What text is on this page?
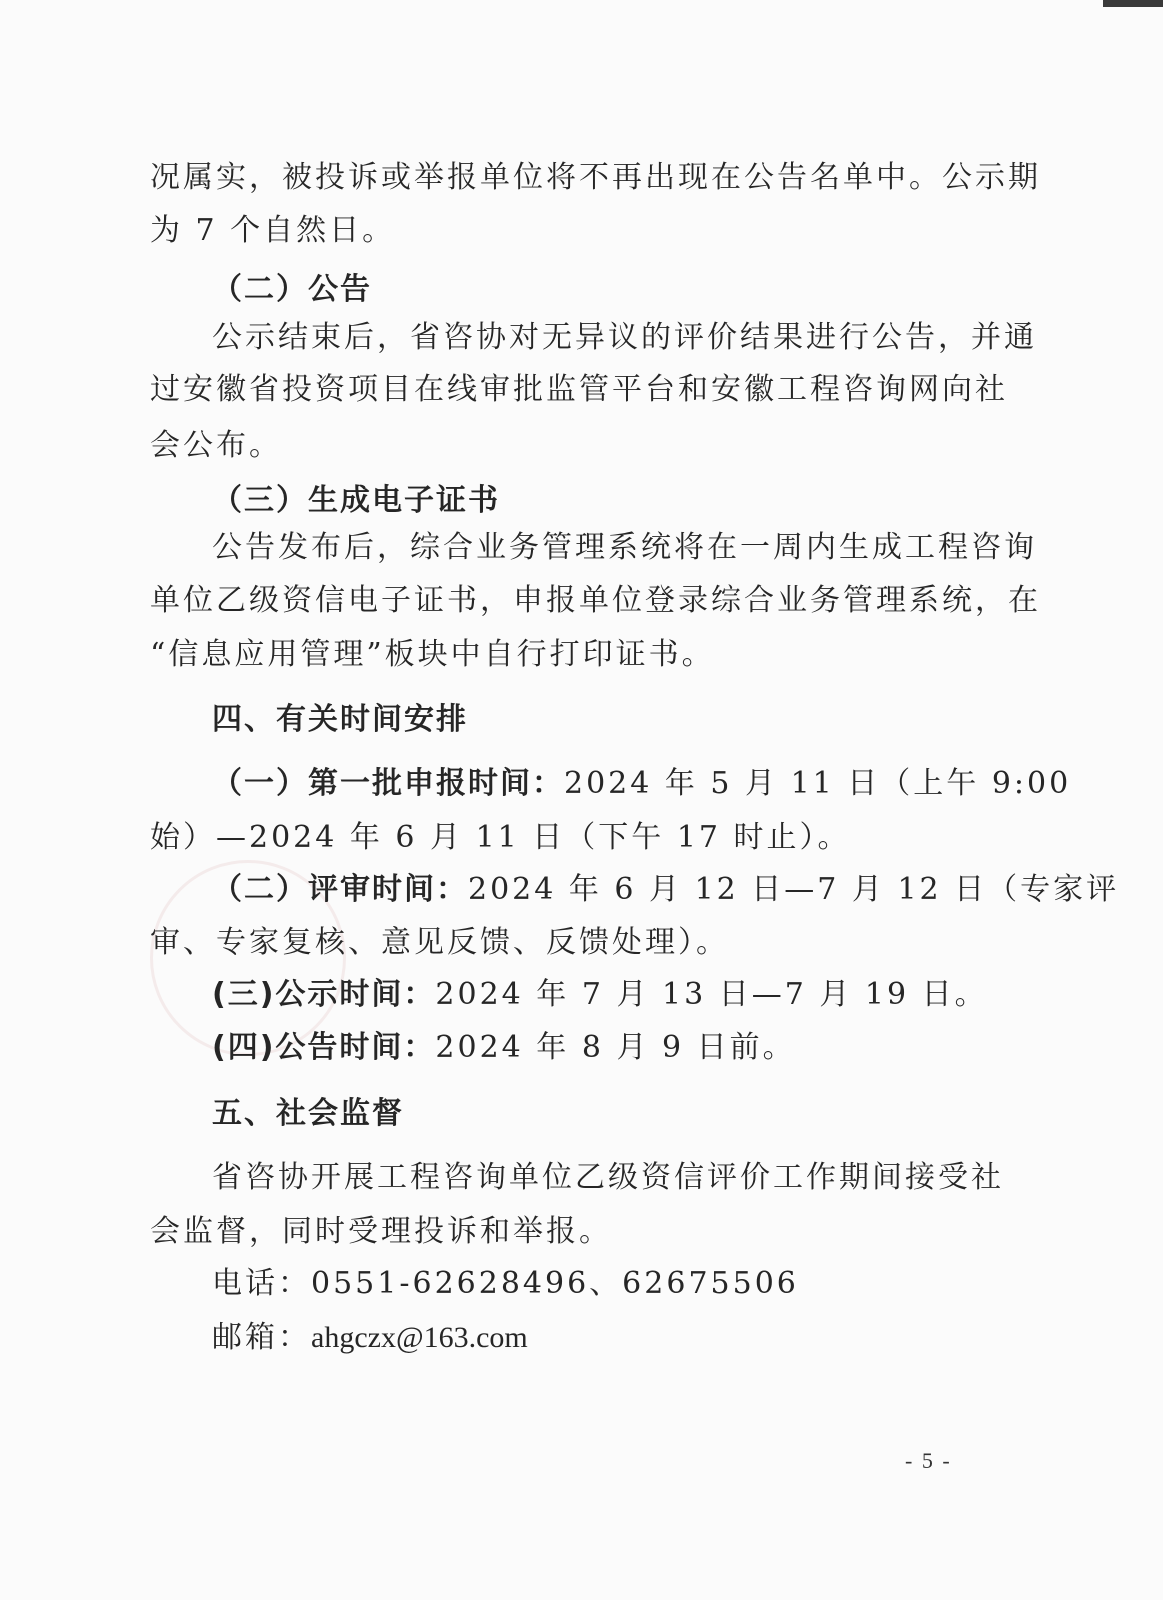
况属实，被投诉或举报单位将不再出现在公告名单中。公示期
为 7 个自然日。
（二）公告
公示结束后，省咨协对无异议的评价结果进行公告，并通
过安徽省投资项目在线审批监管平台和安徽工程咨询网向社
会公布。
（三）生成电子证书
公告发布后，综合业务管理系统将在一周内生成工程咨询
单位乙级资信电子证书，申报单位登录综合业务管理系统，在
“信息应用管理”板块中自行打印证书。
四、有关时间安排
（一）第一批申报时间：2024 年 5 月 11 日（上午 9:00
始）—2024 年 6 月 11 日（下午 17 时止）。
（二）评审时间：2024 年 6 月 12 日—7 月 12 日（专家评
审、专家复核、意见反馈、反馈处理）。
(三)公示时间：2024 年 7 月 13 日—7 月 19 日。
(四)公告时间：2024 年 8 月 9 日前。
五、社会监督
省咨协开展工程咨询单位乙级资信评价工作期间接受社
会监督，同时受理投诉和举报。
电话：0551-62628496、62675506
邮箱：ahgczx@163.com
- 5 -
